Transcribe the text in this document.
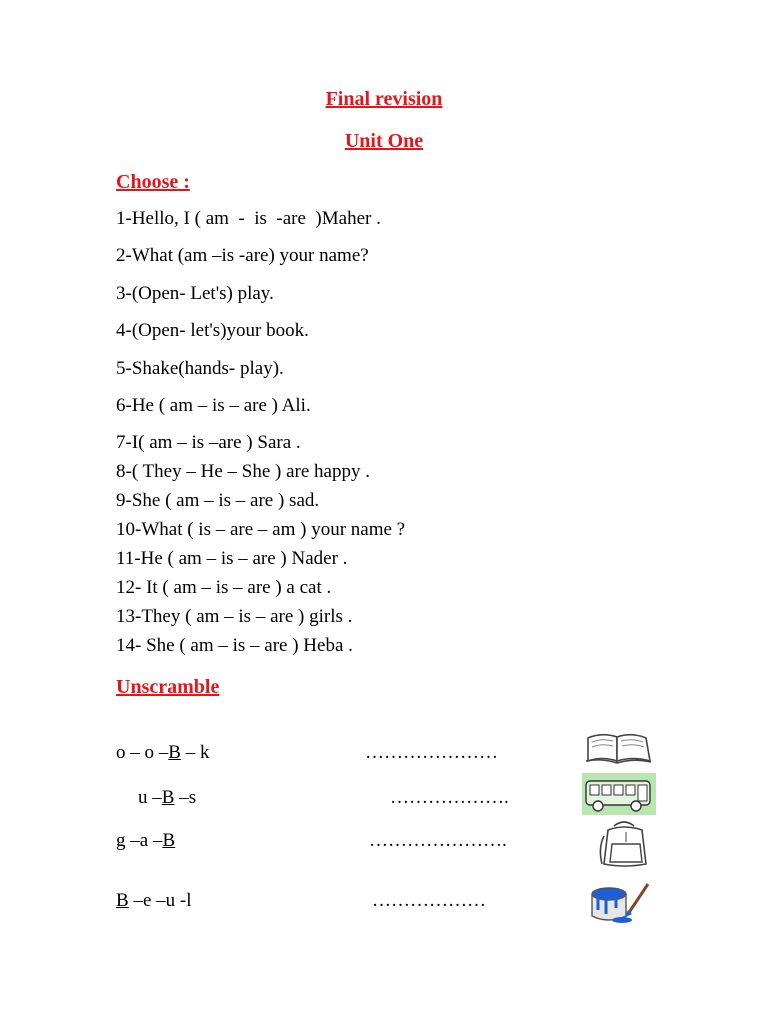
Final revision
Unit One
Choose :
1-Hello, I ( am  -  is  -are  )Maher .
2-What (am –is -are) your name?
3-(Open- Let's) play.
4-(Open- let's)your book.
5-Shake(hands- play).
6-He ( am – is – are ) Ali.
7-I( am – is –are ) Sara .
8-( They – He – She ) are happy .
9-She ( am – is – are ) sad.
10-What ( is – are – am ) your name ?
11-He ( am – is – are ) Nader .
12- It ( am – is – are ) a cat .
13-They ( am – is – are ) girls .
14- She ( am – is – are ) Heba .
Unscramble
o – o –B – k	…………………
u –B –s	……………….
g –a –B	………………….
B –e –u -l	………………
